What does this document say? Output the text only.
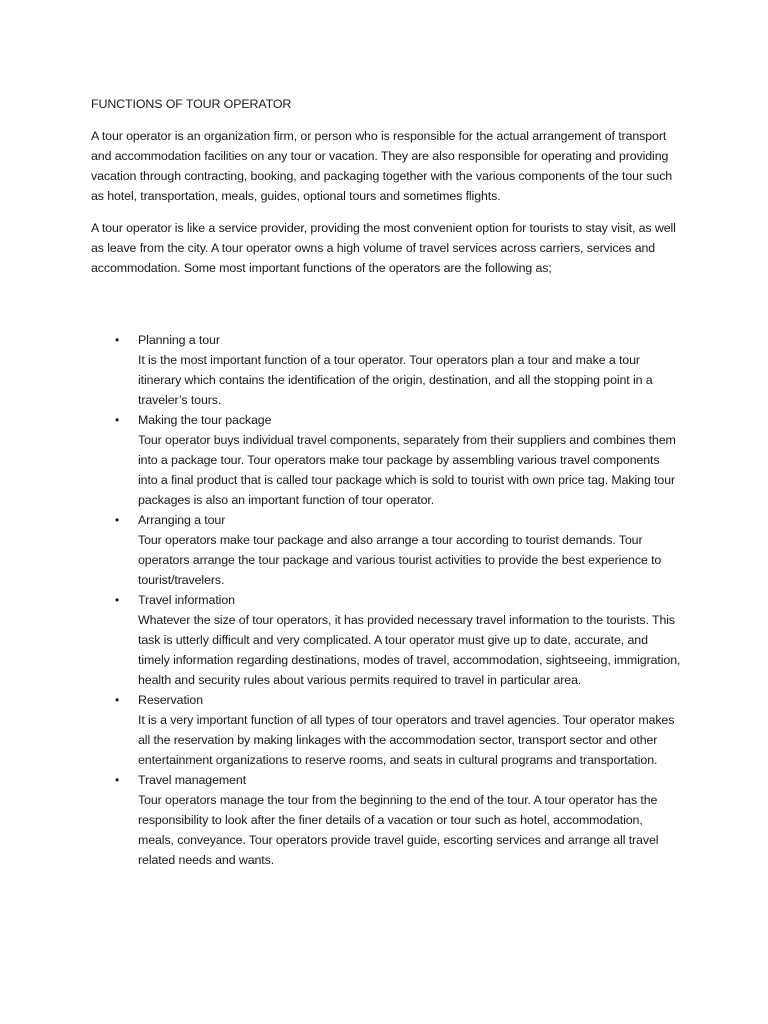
FUNCTIONS OF TOUR OPERATOR

A tour operator is an organization firm, or person who is responsible for the actual arrangement of transport and accommodation facilities on any tour or vacation. They are also responsible for operating and providing vacation through contracting, booking, and packaging together with the various components of the tour such as hotel, transportation, meals, guides, optional tours and sometimes flights.

A tour operator is like a service provider, providing the most convenient option for tourists to stay visit, as well as leave from the city. A tour operator owns a high volume of travel services across carriers, services and accommodation. Some most important functions of the operators are the following as;

• Planning a tour
It is the most important function of a tour operator. Tour operators plan a tour and make a tour itinerary which contains the identification of the origin, destination, and all the stopping point in a traveler’s tours.
• Making the tour package
Tour operator buys individual travel components, separately from their suppliers and combines them into a package tour. Tour operators make tour package by assembling various travel components into a final product that is called tour package which is sold to tourist with own price tag. Making tour packages is also an important function of tour operator.
• Arranging a tour
Tour operators make tour package and also arrange a tour according to tourist demands. Tour operators arrange the tour package and various tourist activities to provide the best experience to tourist/travelers.
• Travel information
Whatever the size of tour operators, it has provided necessary travel information to the tourists. This task is utterly difficult and very complicated. A tour operator must give up to date, accurate, and timely information regarding destinations, modes of travel, accommodation, sightseeing, immigration, health and security rules about various permits required to travel in particular area.
• Reservation
It is a very important function of all types of tour operators and travel agencies. Tour operator makes all the reservation by making linkages with the accommodation sector, transport sector and other entertainment organizations to reserve rooms, and seats in cultural programs and transportation.
• Travel management
Tour operators manage the tour from the beginning to the end of the tour. A tour operator has the responsibility to look after the finer details of a vacation or tour such as hotel, accommodation, meals, conveyance. Tour operators provide travel guide, escorting services and arrange all travel related needs and wants.
